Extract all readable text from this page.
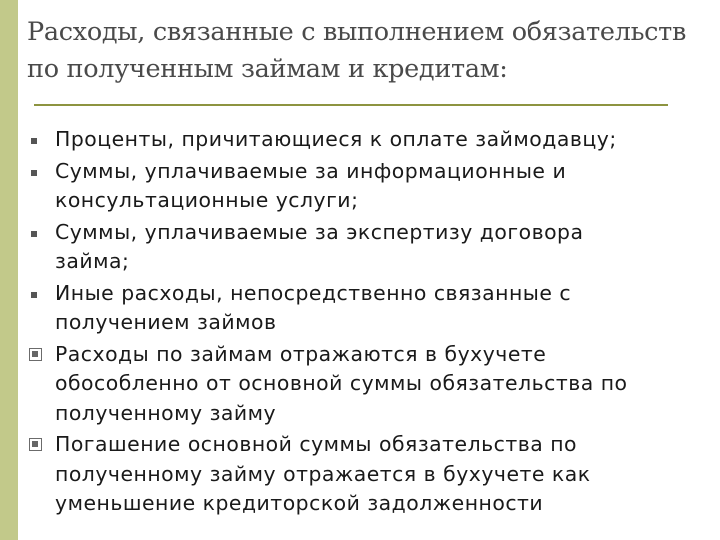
Расходы, связанные с выполнением обязательств
по полученным займам и кредитам:
Проценты, причитающиеся к оплате займодавцу;
Суммы, уплачиваемые за информационные и
консультационные услуги;
Суммы, уплачиваемые за экспертизу договора
займа;
Иные расходы, непосредственно связанные с
получением займов
Расходы по займам отражаются в бухучете
обособленно от основной суммы обязательства по
полученному займу
Погашение основной суммы обязательства по
полученному займу отражается в бухучете как
уменьшение кредиторской задолженности
